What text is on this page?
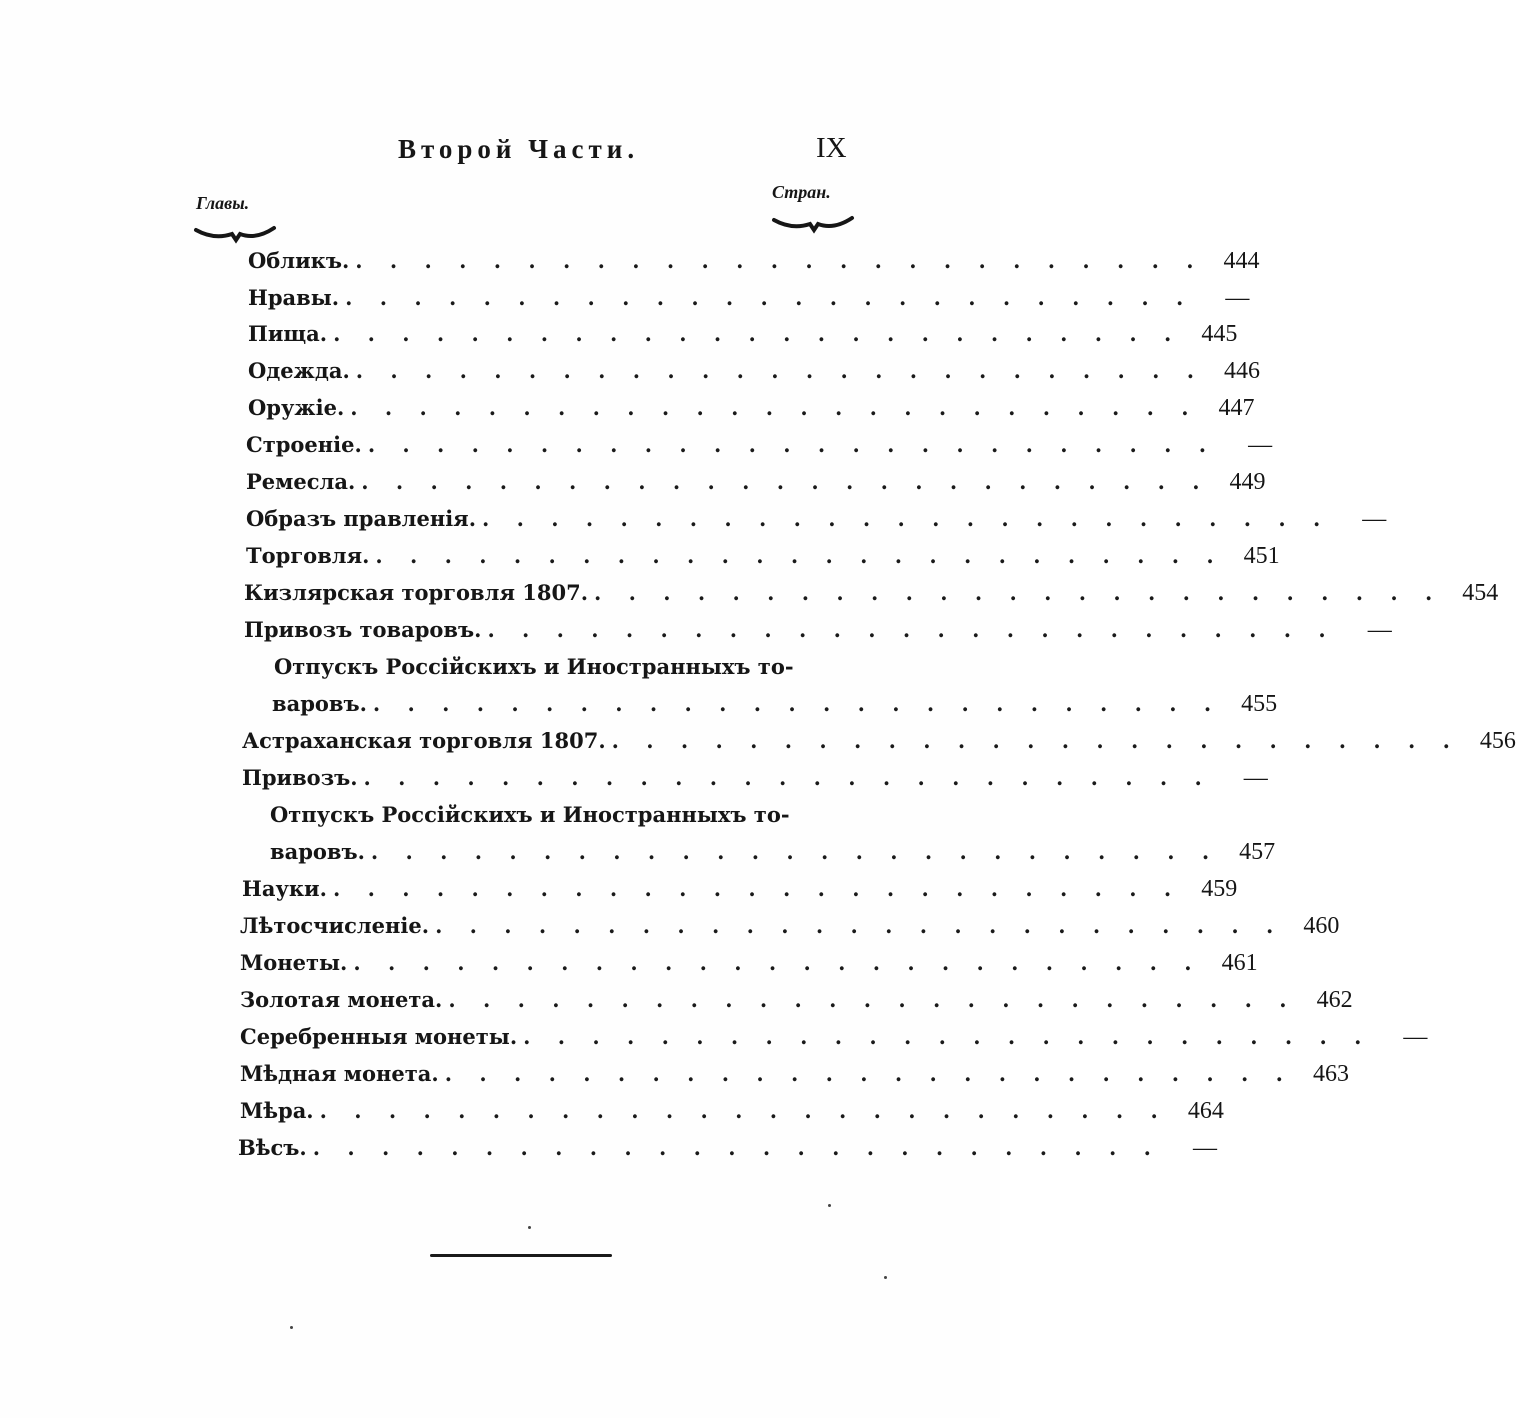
Второй Части.	IX
Главы.
Стран.
Обликъ. . . . . . . . . . . . . . . . . . . . . . . . . . 444
Нравы. . . . . . . . . . . . . . . . . . . . . . . . . .	—
Пища. . . . . . . . . . . . . . . . . . . . . . . . . . 445
Одежда. . . . . . . . . . . . . . . . . . . . . . . . . . 446
Оружіе. . . . . . . . . . . . . . . . . . . . . . . . . . 447
Строеніе. . . . . . . . . . . . . . . . . . . . . . . . . .	—
Ремесла. . . . . . . . . . . . . . . . . . . . . . . . . . 449
Образъ правленія. . . . . . . . . . . . . . . . . . . . . . . . . .	—
Торговля. . . . . . . . . . . . . . . . . . . . . . . . . . 451
Кизлярская торговля 1807. . . . . . . . . . . . . . . . . . . . . . . . . . 454
Привозъ товаровъ. . . . . . . . . . . . . . . . . . . . . . . . . .	—
Отпускъ Россійскихъ и Иностранныхъ то-
варовъ. . . . . . . . . . . . . . . . . . . . . . . . . . 455
Астраханская торговля 1807. . . . . . . . . . . . . . . . . . . . . . . . . . 456
Привозъ. . . . . . . . . . . . . . . . . . . . . . . . . .	—
Отпускъ Россійскихъ и Иностранныхъ то-
варовъ. . . . . . . . . . . . . . . . . . . . . . . . . . 457
Науки. . . . . . . . . . . . . . . . . . . . . . . . . . 459
Лѣтосчисленіе. . . . . . . . . . . . . . . . . . . . . . . . . . 460
Монеты. . . . . . . . . . . . . . . . . . . . . . . . . . 461
Золотая монета. . . . . . . . . . . . . . . . . . . . . . . . . . 462
Серебренныя монеты. . . . . . . . . . . . . . . . . . . . . . . . . .	—
Мѣдная монета. . . . . . . . . . . . . . . . . . . . . . . . . . 463
Мѣра. . . . . . . . . . . . . . . . . . . . . . . . . . 464
Вѣсъ. . . . . . . . . . . . . . . . . . . . . . . . . .	—
